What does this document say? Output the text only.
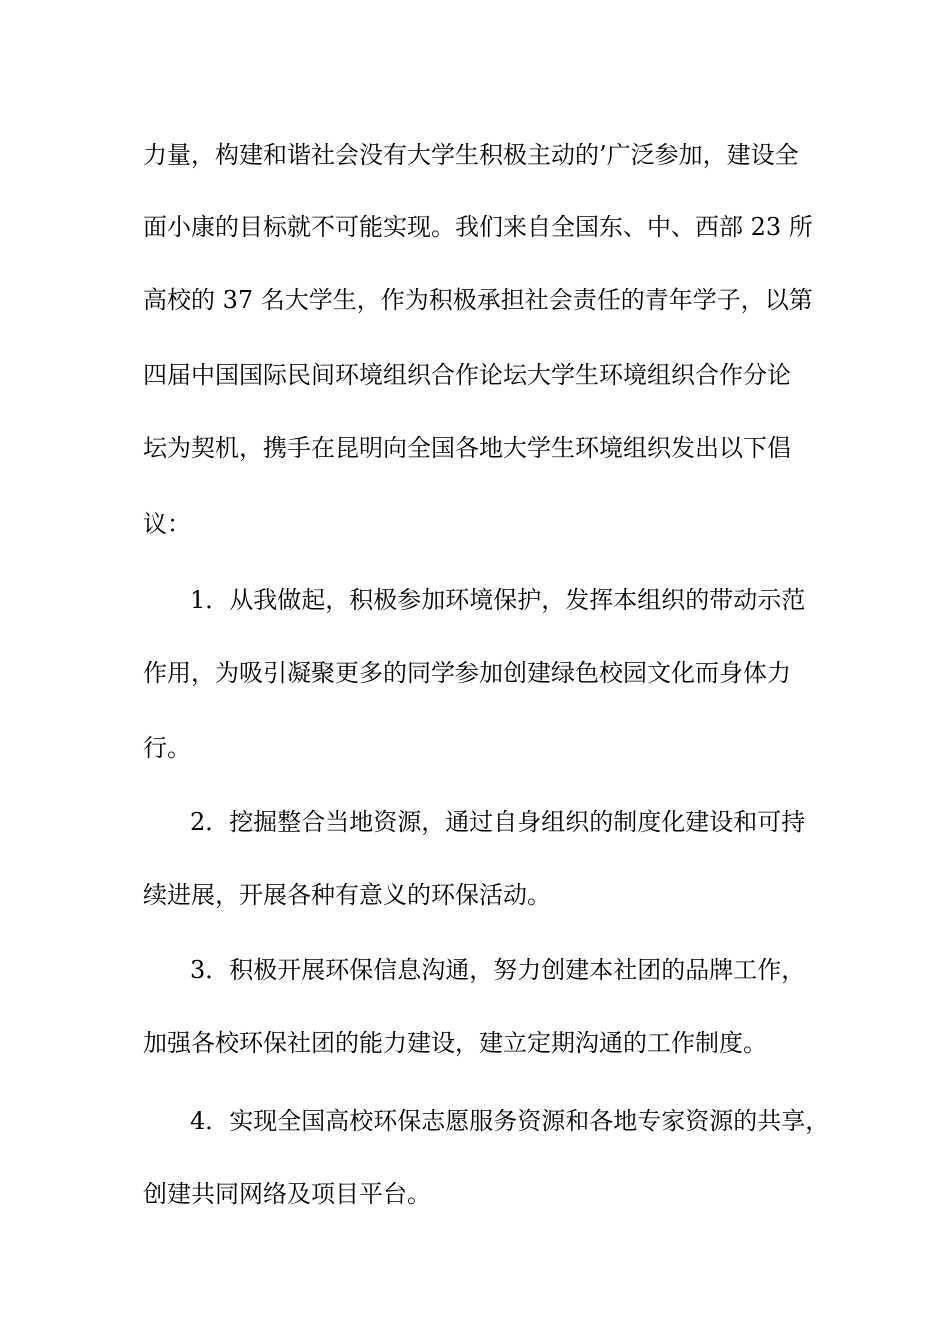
力量，构建和谐社会没有大学生积极主动的’广泛参加，建设全
面小康的目标就不可能实现。我们来自全国东、中、西部 23 所
高校的 37 名大学生，作为积极承担社会责任的青年学子，以第
四届中国国际民间环境组织合作论坛大学生环境组织合作分论
坛为契机，携手在昆明向全国各地大学生环境组织发出以下倡
议：
1．从我做起，积极参加环境保护，发挥本组织的带动示范
作用，为吸引凝聚更多的同学参加创建绿色校园文化而身体力
行。
2．挖掘整合当地资源，通过自身组织的制度化建设和可持
续进展，开展各种有意义的环保活动。
3．积极开展环保信息沟通，努力创建本社团的品牌工作，
加强各校环保社团的能力建设，建立定期沟通的工作制度。
4．实现全国高校环保志愿服务资源和各地专家资源的共享，
创建共同网络及项目平台。
